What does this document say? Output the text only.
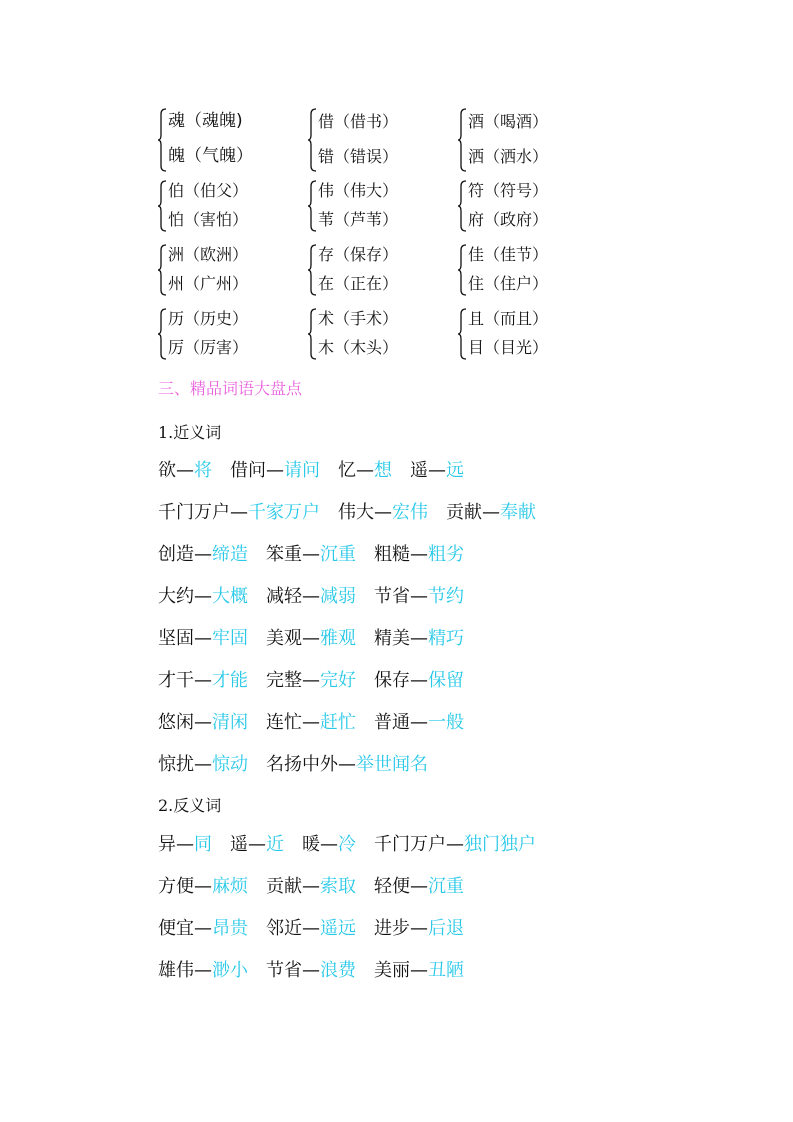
魂（魂魄)
魄（气魄）
借（借书）
错（错误）
酒（喝酒）
洒（洒水）
伯（伯父）
怕（害怕）
伟（伟大）
苇（芦苇）
符（符号）
府（政府）
洲（欧洲）
州（广州）
存（保存）
在（正在）
佳（佳节）
住（住户）
历（历史）
厉（厉害）
术（手术）
木（木头）
且（而且）
目（目光）
三、精品词语大盘点
1.近义词
欲—将 借问—请问 忆—想 遥—远
千门万户—千家万户 伟大—宏伟 贡献—奉献
创造—缔造 笨重—沉重 粗糙—粗劣
大约—大概 减轻—减弱 节省—节约
坚固—牢固 美观—雅观 精美—精巧
才干—才能 完整—完好 保存—保留
悠闲—清闲 连忙—赶忙 普通—一般
惊扰—惊动 名扬中外—举世闻名
2.反义词
异—同 遥—近 暖—冷 千门万户—独门独户
方便—麻烦 贡献—索取 轻便—沉重
便宜—昂贵 邻近—遥远 进步—后退
雄伟—渺小 节省—浪费 美丽—丑陋
